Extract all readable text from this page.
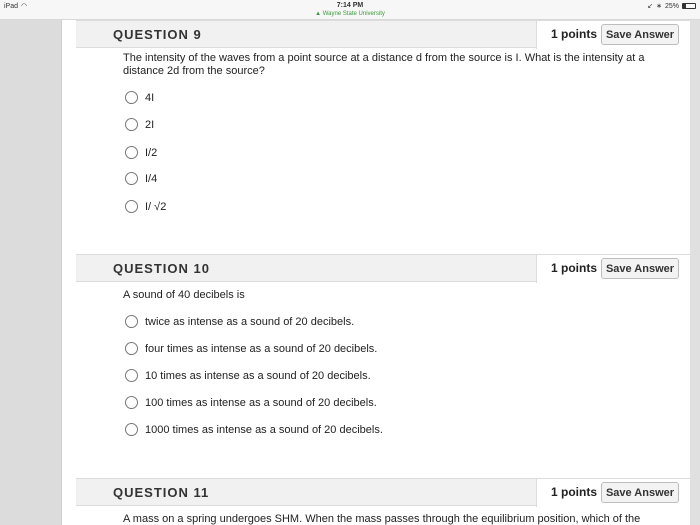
iPad ◠	7:14 PM
▲ Wayne State University
↙ ∗ 25%
QUESTION 9	1 points Save Answer
The intensity of the waves from a point source at a distance d from the source is I. What is the intensity at a distance 2d from the source?
4I
2I
I/2
I/4
I/ √2
QUESTION 10	1 points Save Answer
A sound of 40 decibels is
twice as intense as a sound of 20 decibels.
four times as intense as a sound of 20 decibels.
10 times as intense as a sound of 20 decibels.
100 times as intense as a sound of 20 decibels.
1000 times as intense as a sound of 20 decibels.
QUESTION 11	1 points Save Answer
A mass on a spring undergoes SHM. When the mass passes through the equilibrium position, which of the
